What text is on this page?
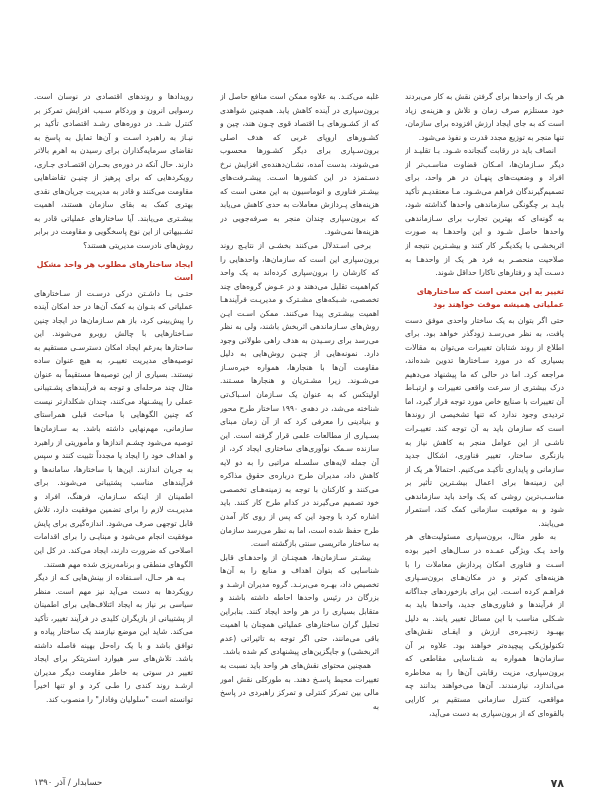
هر یک از واحدها برای گرفتن نقش به کار می‌بردند خود مستلزم صرف زمان و تلاش و هزینه‌ی زیاد است که به جای ایجاد ارزش افزوده برای سازمان، تنها منجر به توزیع مجدد قدرت و نفوذ می‌شود.

انصاف باید در رقابت گنجانده شـود. بـا تقلیـد از دیگر سـازمان‌ها، امـکان قضاوت مناسـب‌تر از افراد و وضعیت‌های پنهـان در هر واحد، برای تصمیم‌گیرندگان فراهم می‌شـود. مـا معتقدیـم تأکید بایـد بر چگونگی سازماندهی واحدها گذاشته شود، به گونه‌ای که بهترین تجارب برای سـازماندهی واحدها حاصل شـود و این واحدهـا به صورت اثربخشـی با یکدیگـر کار کنند و بیشـترین نتیجه از صلاحیت منحصـر به فرد هر یک از واحدهـا به دسـت آید و رفتارهای ناکارا حداقل شوند.

تغییر به این معنی است که ساختارهای عملیاتی همیشه موقت خواهند بود

حتی اگر بتوان به یک ساختار واحدی موفق دست یافت، به نظر می‌رسـد زودگذر خواهد بود. برای اطلاع از روند شتابان تغییرات می‌توان به مقالات بسیاری که در مورد سـاختار‌ها تدوین شده‌اند، مراجعه کرد. اما در حالی که ما پیشنهاد می‌دهیم درک بیشتری از سرعت واقعی تغییرات و ارتبـاط آن تغییرات با صنایع خاص مورد توجه قرار گیرد، اما تردیدی وجود ندارد که تنها تشخیصی از روندها است که سازمان باید به آن توجه کند. تغییـرات ناشـی از این عوامل منجر به کاهش نیاز به بازنگری ساختار، تغییر فناوری، اشکال جدید سازمانی و پایداری تأکیـد می‌کنیم. احتمالاً هر یک از این زمینه‌ها برای اعمال بیشـترین تأثیر بر مناسـب‌ترین روشی که یک واحد باید سازماندهی شود و به موقعیت سازمانی کمک کند، استمرار می‌یابند.

به طور مثال، برون‌سپاری مسئولیت‌های هر واحد یـک ویژگی عمـده در سـال‌های اخیر بوده اسـت و فناوری امکان پردازش معاملات را با هزینه‌های کم‌تر و در مکان‌هـای برون‌سـپاری فراهـم کرده اسـت. این برای بازخوردهای جداگانه از فرآیندها و فناوری‌های جدید، واحدها باید به شـکلی مناسب با این مسائل تغییر یابند. به دلیل بهبـود زنجیـره‌ی ارزش و ایفـای نقش‌های تکنولوژیکی پیچیده‌تر خواهند بود. علاوه بر آن سازمان‌ها همواره به شـناسایی مقاطعی که برون‌سپاری، مزیت رقابتی آن‌ها را به مخاطره می‌اندازد، نیازمندند. آن‌ها می‌خواهند بدانند چه مواقعی، کنترل سازمانی مستقیم بر کارایی بالقوه‌ای که از برون‌سپاری به دست می‌آید،

غلبه می‌کنـد. به علاوه ممکن است منافع حاصل از برون‌سپاری در آینده کاهش یابد. همچنین شواهدی که از کشـورهای بـا اقتصاد قوی چـون هند، چین و کشـورهای اروپای غربی که هدف اصلی برون‌سـپاری برای دیگر کشـورها محسوب می‌شوند، بدست آمده، نشـان‌دهنده‌ی افزایش نرخ دسـتمزد در این کشورها اسـت. پیشـرفت‌های بیشـتر فناوری و اتوماسیون به این معنی است که هزینه‌های پـردازش معاملات به حدی کاهش می‌یابد که برون‌سپاری چندان منجر به صرفه‌جویی در هزینه‌ها نمی‌شود.

برخی اسـتدلال می‌کنند بخشـی از نتایـج روند برون‌سپاری این است که سازمان‌ها، واحدهایی را که کارشان را برون‌سپاری کرده‌اند به یک واحد کم‌اهمیت تقلیل می‌دهند و در عـوض گروه‌های چند تخصصی، شـبکه‌های مشـترک و مدیریـت فرآیندهـا اهمیت بیشـتری پیدا می‌کنند. ممکن اسـت ایـن روش‌های سـازماندهی اثربخش باشند، ولی به نظر می‌رسد برای رسـیدن به هدف راهی طولانی وجود دارد. نمونه‌هایی از چنیـن روش‌هایی به دلیل مقاومت آن‌ها با هنجارها، همواره خیره‌سـاز می‌شـوند. زیرا مشـتریان و هنجارها مسـتند. اولیتکس که به عنوان یک سـازمان اسـباک‌تی شناخته می‌شد، در دهه‌ی ۱۹۹۰ ساختار طرح محور و بنیادینی را معرفی کرد که از آن زمان مبنای بسـیاری از مطالعات علمی قرار گرفته است. این سازنده سـمک نوآوری‌های ساختاری ایجاد کرد، از آن جمله لایه‌های سلسـله مراتبی را به دو لایه کاهش داد، مدیران طرح درباره‌ی حقوق مذاکره می‌کنند و کارکنان با توجه به زمینه‌هـای تخصصی خود تصمیم می‌گیرند در کدام طرح کار کنند. باید اشاره کرد با وجود این که پس از روی کار آمدن طرح حفظ شده است، اما به نظر می‌رسد سازمان به ساختار ماتریسی سنتی بازگشته است.

بیشـتر سـازمان‌ها، همچنـان از واحدهـای قابل شناسایی که بتوان اهداف و منابع را به آن‌ها تخصیص داد، بهـره می‌برنـد. گروه مدیران ارشـد و بزرگان در رئیس واحدها احاطه داشته باشند و متقابل بسیاری را در هر واحد ایجاد کنند. بنابراین تحلیل گران ساختارهای عملیاتی همچنان با اهمیت باقی می‌مانند، حتی اگر توجه به تاثیراتی (عدم اثربخشی) و جایگزین‌های پیشنهادی کم شده باشد.

همچنین محتوای نقش‌های هر واحد باید نسبت به تغییرات محیط پاسـخ دهند. به طورکلی نقش امور مالی بین تمرکز کنترلی و تمرکز راهبردی در پاسخ به

رویدادها و روندهای اقتصادی در نوسان است. رسوایی انرون و وردکام سـبب افزایش تمرکز بر کنترل شـد. در دوره‌های رشـد اقتصادی تأکید بر نیـاز به راهبرد اسـت و آن‌ها تمایل به پاسخ به تقاضای سرمایه‌گذاران برای رسیدن به اهرم بالاتر دارند. حال آنکه در دوره‌ی بحـران اقتصـادی جـاری، رویکردهایی که برای پرهیز از چنیـن تقاضاهایی مقاومت می‌کنند و قادر به مدیریت جریان‌های نقدی بهتری کمک به بقای سازمان هستند، اهمیت بیشـتری می‌یابند. آیا ساختارهای عملیاتی قادر به تشـبیهاتی از این نوع پاسخگویی و مقاومت در برابر روش‌های نادرست مدیریتی هستند؟

ایجاد ساختارهای مطلوب هر واحد مشکل است

حتـی بـا داشـتن درکی درسـت از سـاختارهای عملیاتی که بتـوان به کمک آن‌ها در حد امکان آینده را پیش‌بینی کرد، باز هم سـازمان‌ها در ایجاد چنین سـاختارهایی با چالش روبرو می‌شوند. این ساختارها به‌رغم ایجاد امکان دسترسـی مستقیم به توصیه‌های مدیریت تغییـر، به هیچ عنوان ساده نیستند. بسیاری از این توصیه‌ها مستقیماً به عنوان مثال چند مرحله‌ای و توجه به فرآیندهای پشـتیبانی عملی را پیشـنهاد می‌کنند، چندان شکلدارتر نیست که چنین الگوهایی با مباحث قبلی همراستای سازمانی، مهم‌نهایی داشته باشد. به سـازمان‌ها توصیه می‌شود چشـم اندازها و مأموریتی از راهبرد و اهداف خود را ایجاد یا مجدداً تثبیت کنند و سپس به جریان اندازند. این‌ها با ساختارها، سامانه‌ها و فرآیندهای مناسب پشتیبانی می‌شوند. برای اطمینان از اینکه سـازمان، فرهنگ، افراد و مدیریـت لازم را برای تضمین موفقیت دارد، تلاش قابل توجهی صرف می‌شود. اندازه‌گیری برای پایش موفقیت انجام می‌شود و مبنایـی را برای اقدامات اصلاحی که ضرورت دارند، ایجاد می‌کند. در کل این الگوهای منطقی و برنامه‌ریزی شده مهم هستند.

بـه هر حـال، اسـتفاده از بینش‌هایی کـه از دیگر رویکردها به دست می‌آید نیز مهم است. منظر سیاسی بر نیاز به ایجاد ائتلاف‌هایی برای اطمینان از پشتیبانی از بازیگران کلیدی در فرآیند تغییر، تأکید می‌کند. شاید این موضع نیازمند یک ساختار پیاده و توافق باشد و با یک راه‌حل بهینه فاصله داشته باشد. تلاش‌های سر هیوارد استریتکر برای ایجاد تغییر در سوتی به خاطر مقاومت دیگر مدیران ارشـد روند کندی را طـی کرد و او تنها اخیراً توانسته است "سلولیان وفادار" را منصوب کند.

۷۸
حسابدار / آذر ۱۳۹۰
